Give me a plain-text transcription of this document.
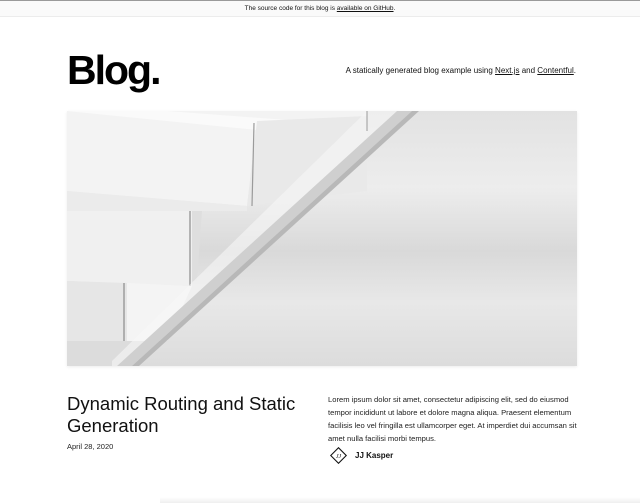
The source code for this blog is available on GitHub.
Blog.	A statically generated blog example using Next.js and Contentful.
Dynamic Routing and Static Generation
April 28, 2020
Lorem ipsum dolor sit amet, consectetur adipiscing elit, sed do eiusmod tempor incididunt ut labore et dolore magna aliqua. Praesent elementum facilisis leo vel fringilla est ullamcorper eget. At imperdiet dui accumsan sit amet nulla facilisi morbi tempus.
JJ JJ Kasper
